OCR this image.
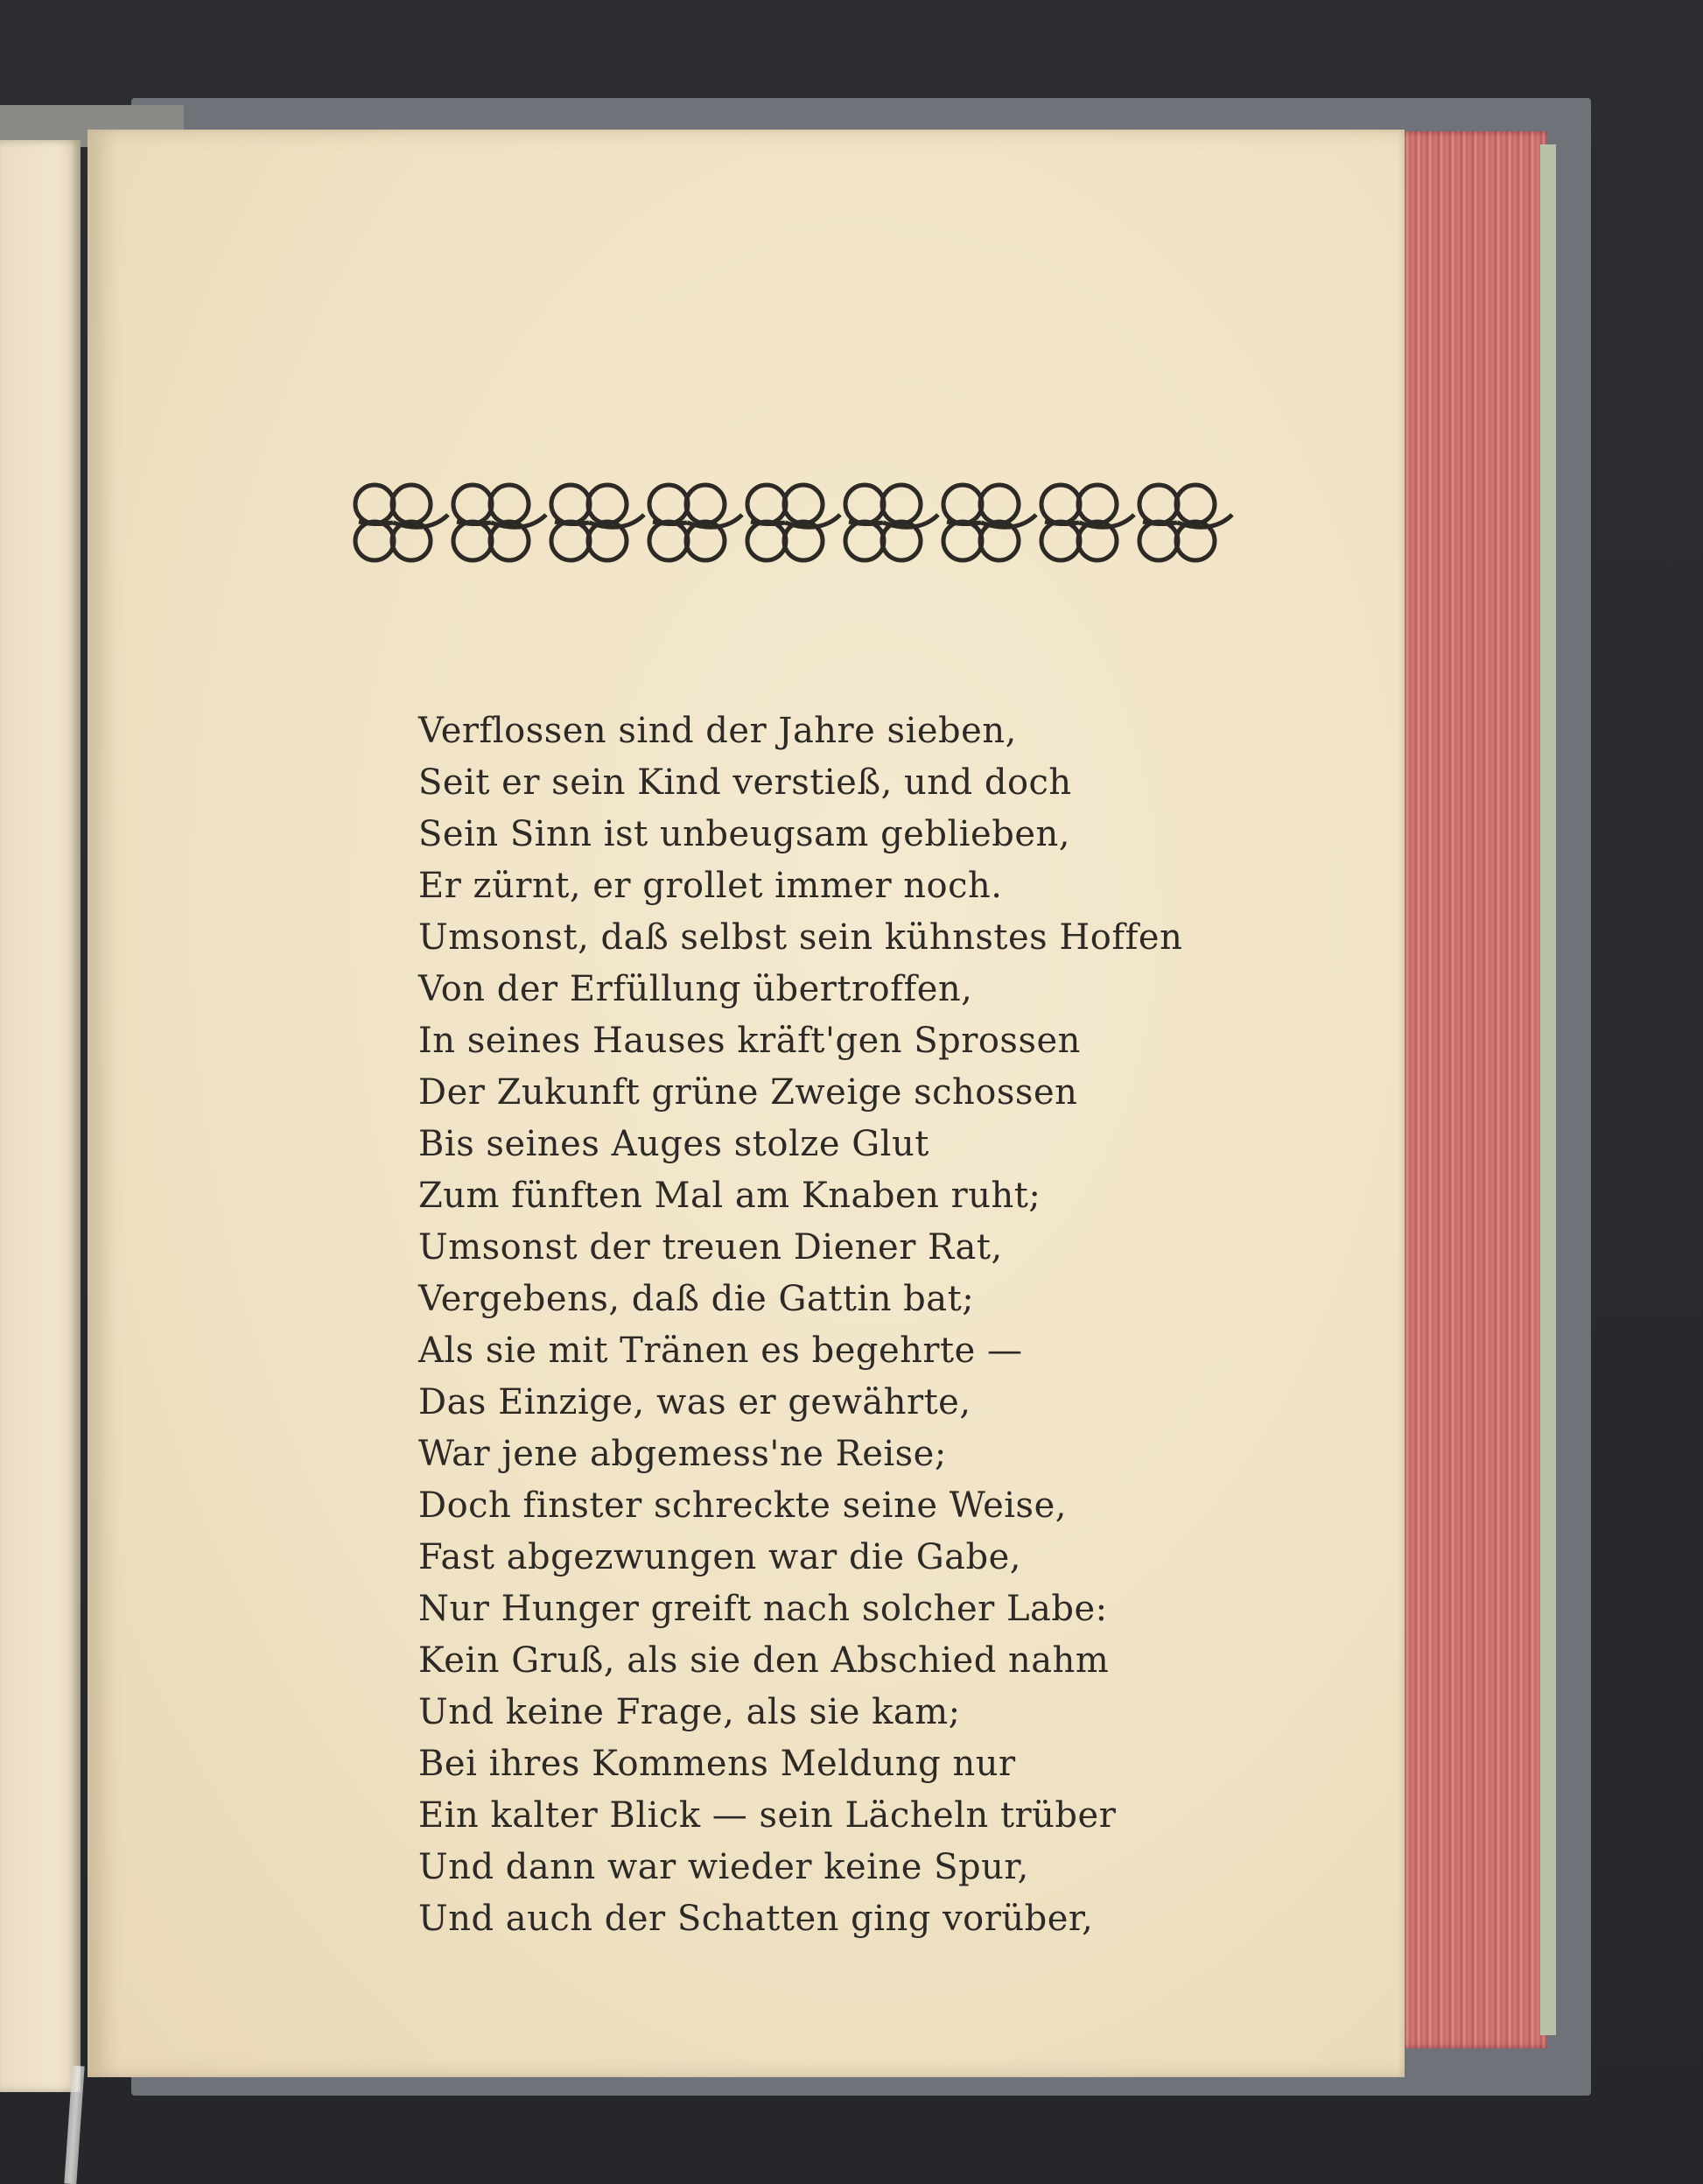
Verflossen sind der Jahre sieben,
Seit er sein Kind verstieß, und doch
Sein Sinn ist unbeugsam geblieben,
Er zürnt, er grollet immer noch.
Umsonst, daß selbst sein kühnstes Hoffen
Von der Erfüllung übertroffen,
In seines Hauses kräft'gen Sprossen
Der Zukunft grüne Zweige schossen
Bis seines Auges stolze Glut
Zum fünften Mal am Knaben ruht;
Umsonst der treuen Diener Rat,
Vergebens, daß die Gattin bat;
Als sie mit Tränen es begehrte —
Das Einzige, was er gewährte,
War jene abgemess'ne Reise;
Doch finster schreckte seine Weise,
Fast abgezwungen war die Gabe,
Nur Hunger greift nach solcher Labe:
Kein Gruß, als sie den Abschied nahm
Und keine Frage, als sie kam;
Bei ihres Kommens Meldung nur
Ein kalter Blick — sein Lächeln trüber
Und dann war wieder keine Spur,
Und auch der Schatten ging vorüber,
